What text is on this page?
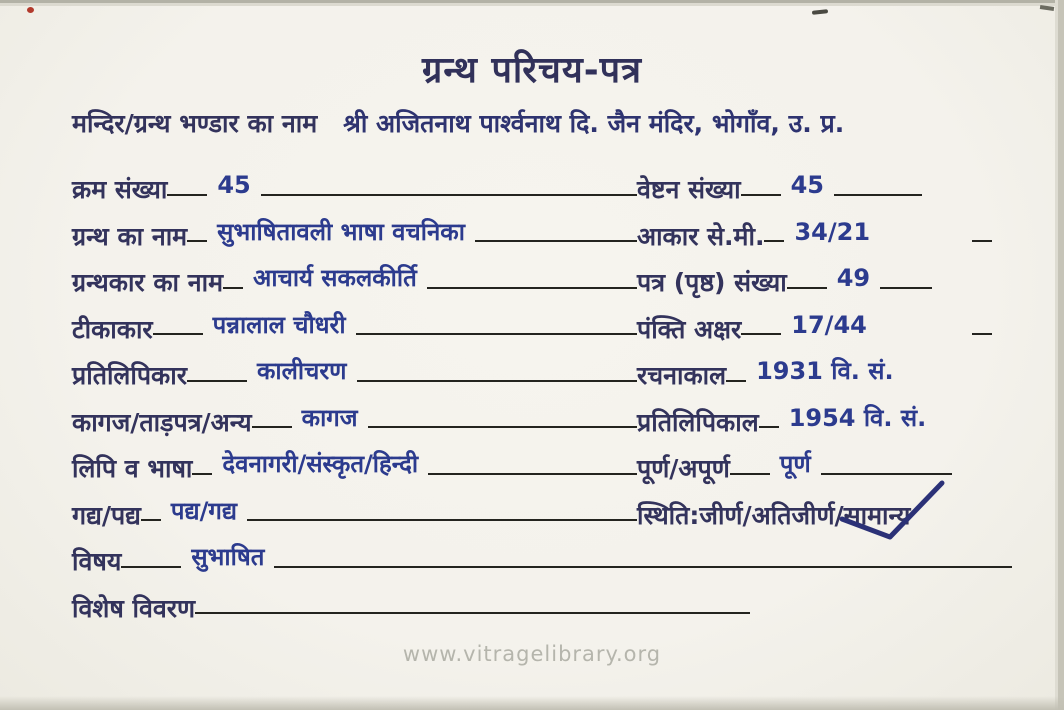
ग्रन्थ परिचय-पत्र
मन्दिर/ग्रन्थ भण्डार का नाम श्री अजितनाथ पार्श्वनाथ दि. जैन मंदिर, भोगाँव, उ. प्र.
क्रम संख्या	45	वेष्टन संख्या	45
ग्रन्थ का नाम	सुभाषितावली भाषा वचनिका	आकार से.मी.	34/21
ग्रन्थकार का नाम	आचार्य सकलकीर्ति	पत्र (पृष्ठ) संख्या	49
टीकाकार	पन्नालाल चौधरी	पंक्ति अक्षर	17/44
प्रतिलिपिकार	कालीचरण	रचनाकाल	1931 वि. सं.
कागज/ताड़पत्र/अन्य	कागज	प्रतिलिपिकाल	1954 वि. सं.
लिपि व भाषा	देवनागरी/संस्कृत/हिन्दी	पूर्ण/अपूर्ण	पूर्ण
गद्य/पद्य	पद्य/गद्य	स्थिति:जीर्ण/अतिजीर्ण/ सामान्य
विषय	सुभाषित
विशेष विवरण
www.vitragelibrary.org
